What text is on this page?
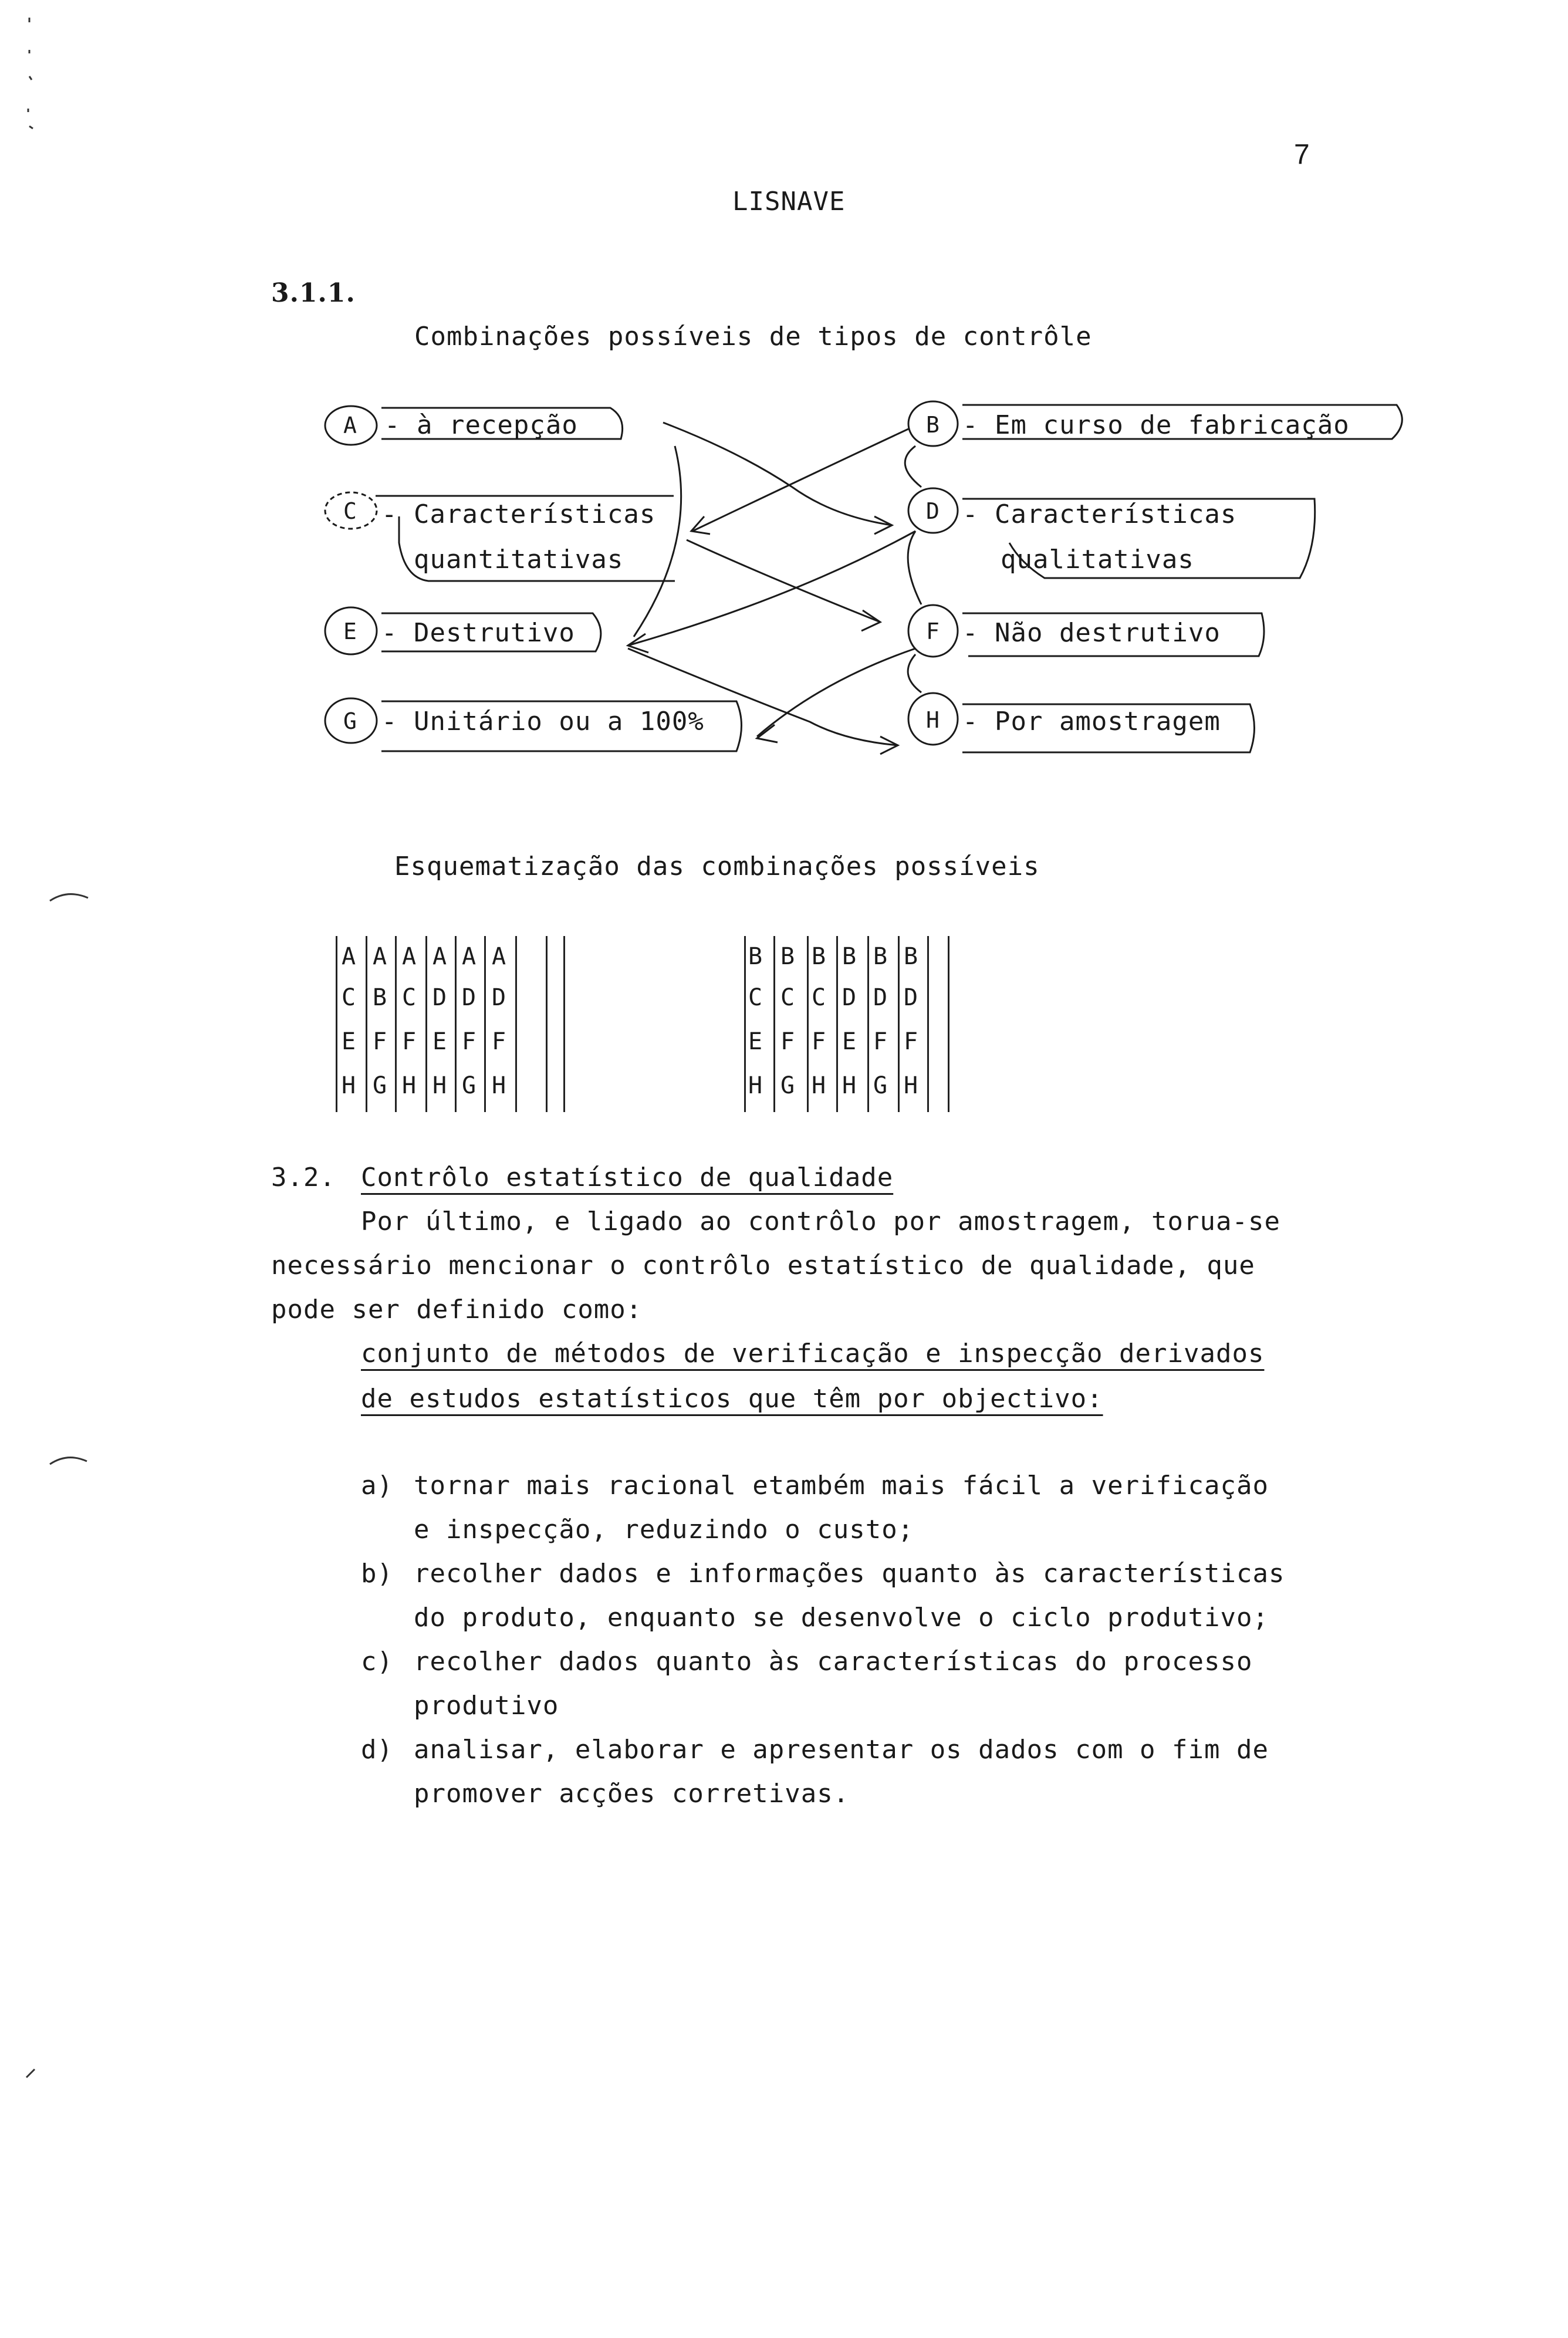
7
LISNAVE
3.1.1.
Combinações possíveis de tipos de contrôle
A - à recepção
C - Características
quantitativas
E - Destrutivo
G - Unitário ou a 100%
B - Em curso de fabricação
D - Características
qualitativas
F - Não destrutivo
H - Por amostragem
Esquematização das combinações possíveis
A
C
E
H
A
B
F
G
A
C
F
H
A
D
E
H
A
D
F
G
A
D
F
H
B
C
E
H
B
C
F
G
B
C
F
H
B
D
E
H
B
D
F
G
B
D
F
H
3.2. Contrôlo estatístico de qualidade
Por último, e ligado ao contrôlo por amostragem, torua-se
necessário mencionar o contrôlo estatístico de qualidade, que
pode ser definido como:
conjunto de métodos de verificação e inspecção derivados
de estudos estatísticos que têm por objectivo:
a) tornar mais racional etambém mais fácil a verificação
e inspecção, reduzindo o custo;
b) recolher dados e informações quanto às características
do produto, enquanto se desenvolve o ciclo produtivo;
c) recolher dados quanto às características do processo
produtivo
d) analisar, elaborar e apresentar os dados com o fim de
promover acções corretivas.
